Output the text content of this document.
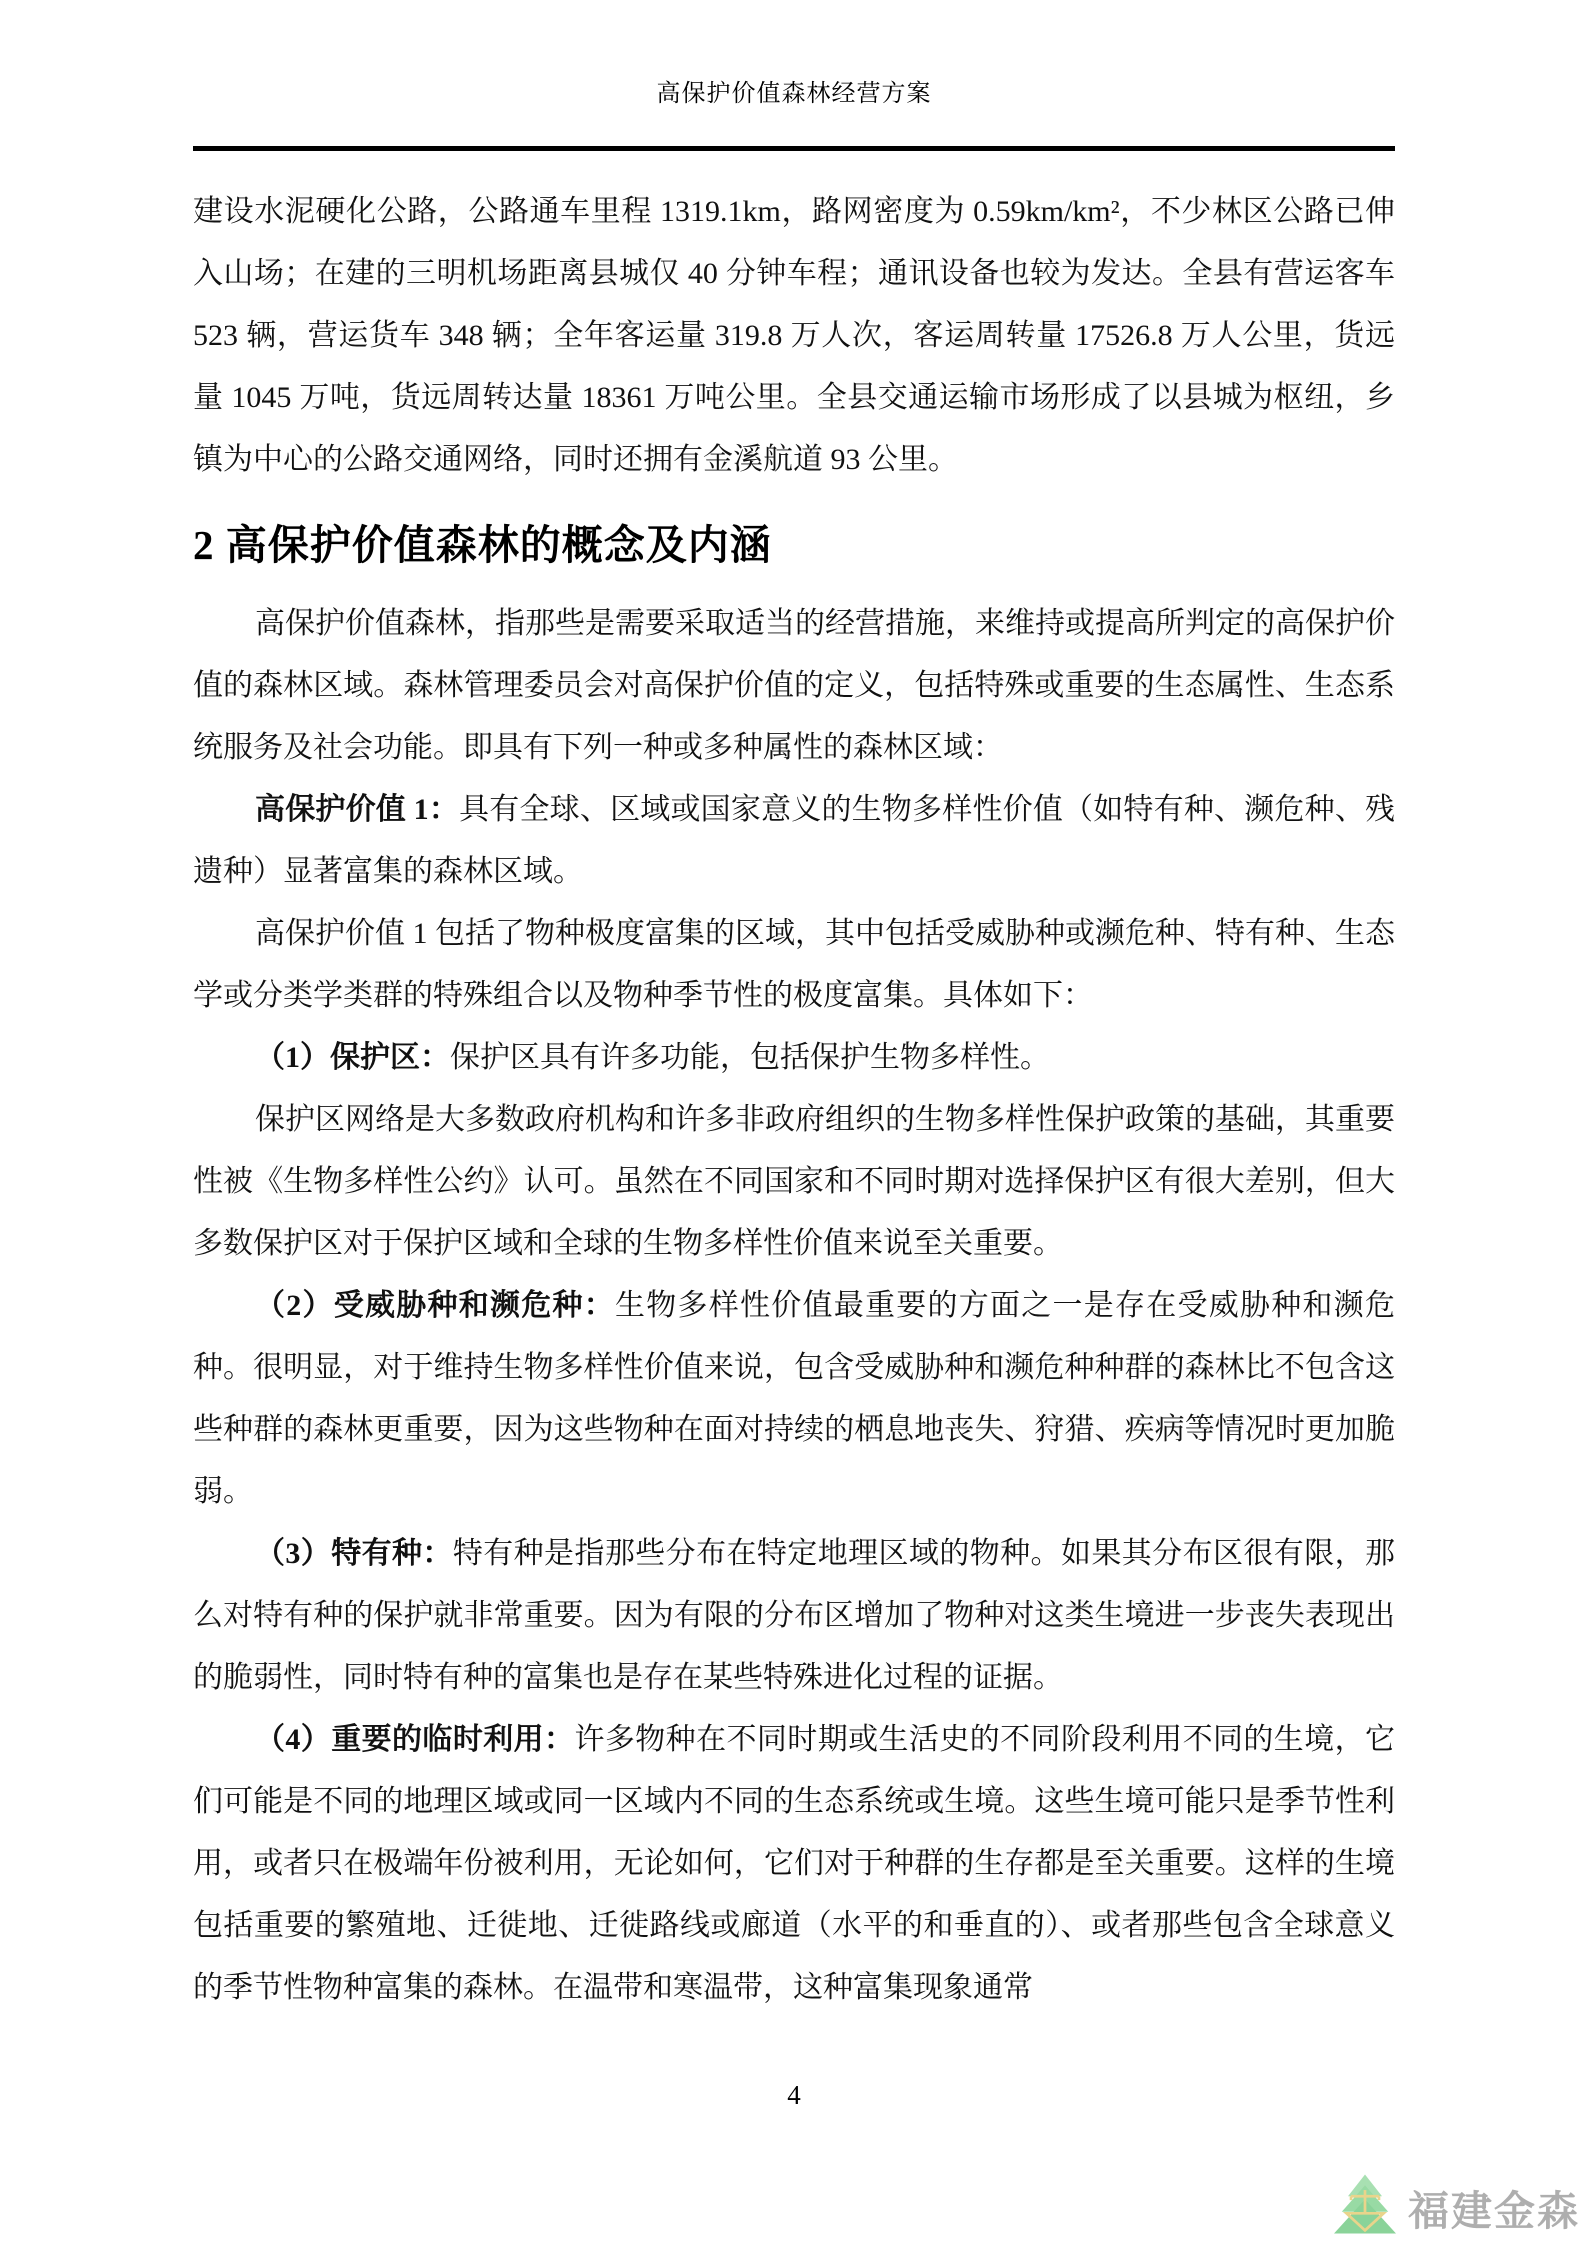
高保护价值森林经营方案

建设水泥硬化公路，公路通车里程 1319.1km，路网密度为 0.59km/km²，不少林区公路已伸入山场；在建的三明机场距离县城仅 40 分钟车程；通讯设备也较为发达。全县有营运客车 523 辆，营运货车 348 辆；全年客运量 319.8 万人次，客运周转量 17526.8 万人公里，货远量 1045 万吨，货远周转达量 18361 万吨公里。全县交通运输市场形成了以县城为枢纽，乡镇为中心的公路交通网络，同时还拥有金溪航道 93 公里。

2 高保护价值森林的概念及内涵

高保护价值森林，指那些是需要采取适当的经营措施，来维持或提高所判定的高保护价值的森林区域。森林管理委员会对高保护价值的定义，包括特殊或重要的生态属性、生态系统服务及社会功能。即具有下列一种或多种属性的森林区域：

高保护价值 1：具有全球、区域或国家意义的生物多样性价值（如特有种、濒危种、残遗种）显著富集的森林区域。

高保护价值 1 包括了物种极度富集的区域，其中包括受威胁种或濒危种、特有种、生态学或分类学类群的特殊组合以及物种季节性的极度富集。具体如下：

（1）保护区：保护区具有许多功能，包括保护生物多样性。

保护区网络是大多数政府机构和许多非政府组织的生物多样性保护政策的基础，其重要性被《生物多样性公约》认可。虽然在不同国家和不同时期对选择保护区有很大差别，但大多数保护区对于保护区域和全球的生物多样性价值来说至关重要。

（2）受威胁种和濒危种：生物多样性价值最重要的方面之一是存在受威胁种和濒危种。很明显，对于维持生物多样性价值来说，包含受威胁种和濒危种种群的森林比不包含这些种群的森林更重要，因为这些物种在面对持续的栖息地丧失、狩猎、疾病等情况时更加脆弱。

（3）特有种：特有种是指那些分布在特定地理区域的物种。如果其分布区很有限，那么对特有种的保护就非常重要。因为有限的分布区增加了物种对这类生境进一步丧失表现出的脆弱性，同时特有种的富集也是存在某些特殊进化过程的证据。

（4）重要的临时利用：许多物种在不同时期或生活史的不同阶段利用不同的生境，它们可能是不同的地理区域或同一区域内不同的生态系统或生境。这些生境可能只是季节性利用，或者只在极端年份被利用，无论如何，它们对于种群的生存都是至关重要。这样的生境包括重要的繁殖地、迁徙地、迁徙路线或廊道（水平的和垂直的）、或者那些包含全球意义的季节性物种富集的森林。在温带和寒温带，这种富集现象通常

4
福建金森
